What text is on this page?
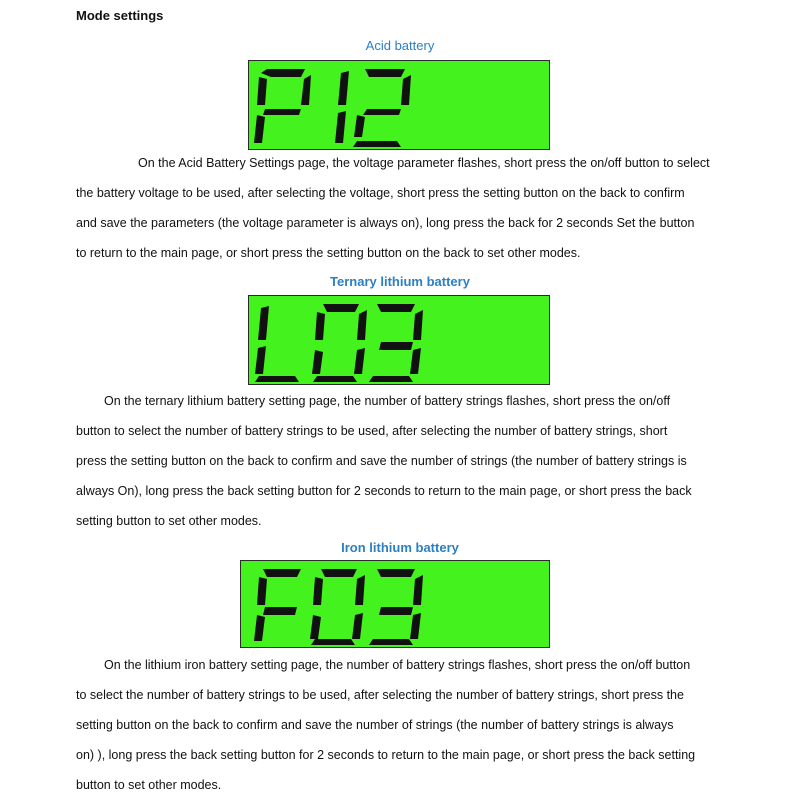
Mode settings
Acid battery
On the Acid Battery Settings page, the voltage parameter flashes, short press the on/off button to select
the battery voltage to be used, after selecting the voltage, short press the setting button on the back to confirm
and save the parameters (the voltage parameter is always on), long press the back for 2 seconds Set the button
to return to the main page, or short press the setting button on the back to set other modes.
Ternary lithium battery
On the ternary lithium battery setting page, the number of battery strings flashes, short press the on/off
button to select the number of battery strings to be used, after selecting the number of battery strings, short
press the setting button on the back to confirm and save the number of strings (the number of battery strings is
always On), long press the back setting button for 2 seconds to return to the main page, or short press the back
setting button to set other modes.
Iron lithium battery
On the lithium iron battery setting page, the number of battery strings flashes, short press the on/off button
to select the number of battery strings to be used, after selecting the number of battery strings, short press the
setting button on the back to confirm and save the number of strings (the number of battery strings is always
on) ), long press the back setting button for 2 seconds to return to the main page, or short press the back setting
button to set other modes.
